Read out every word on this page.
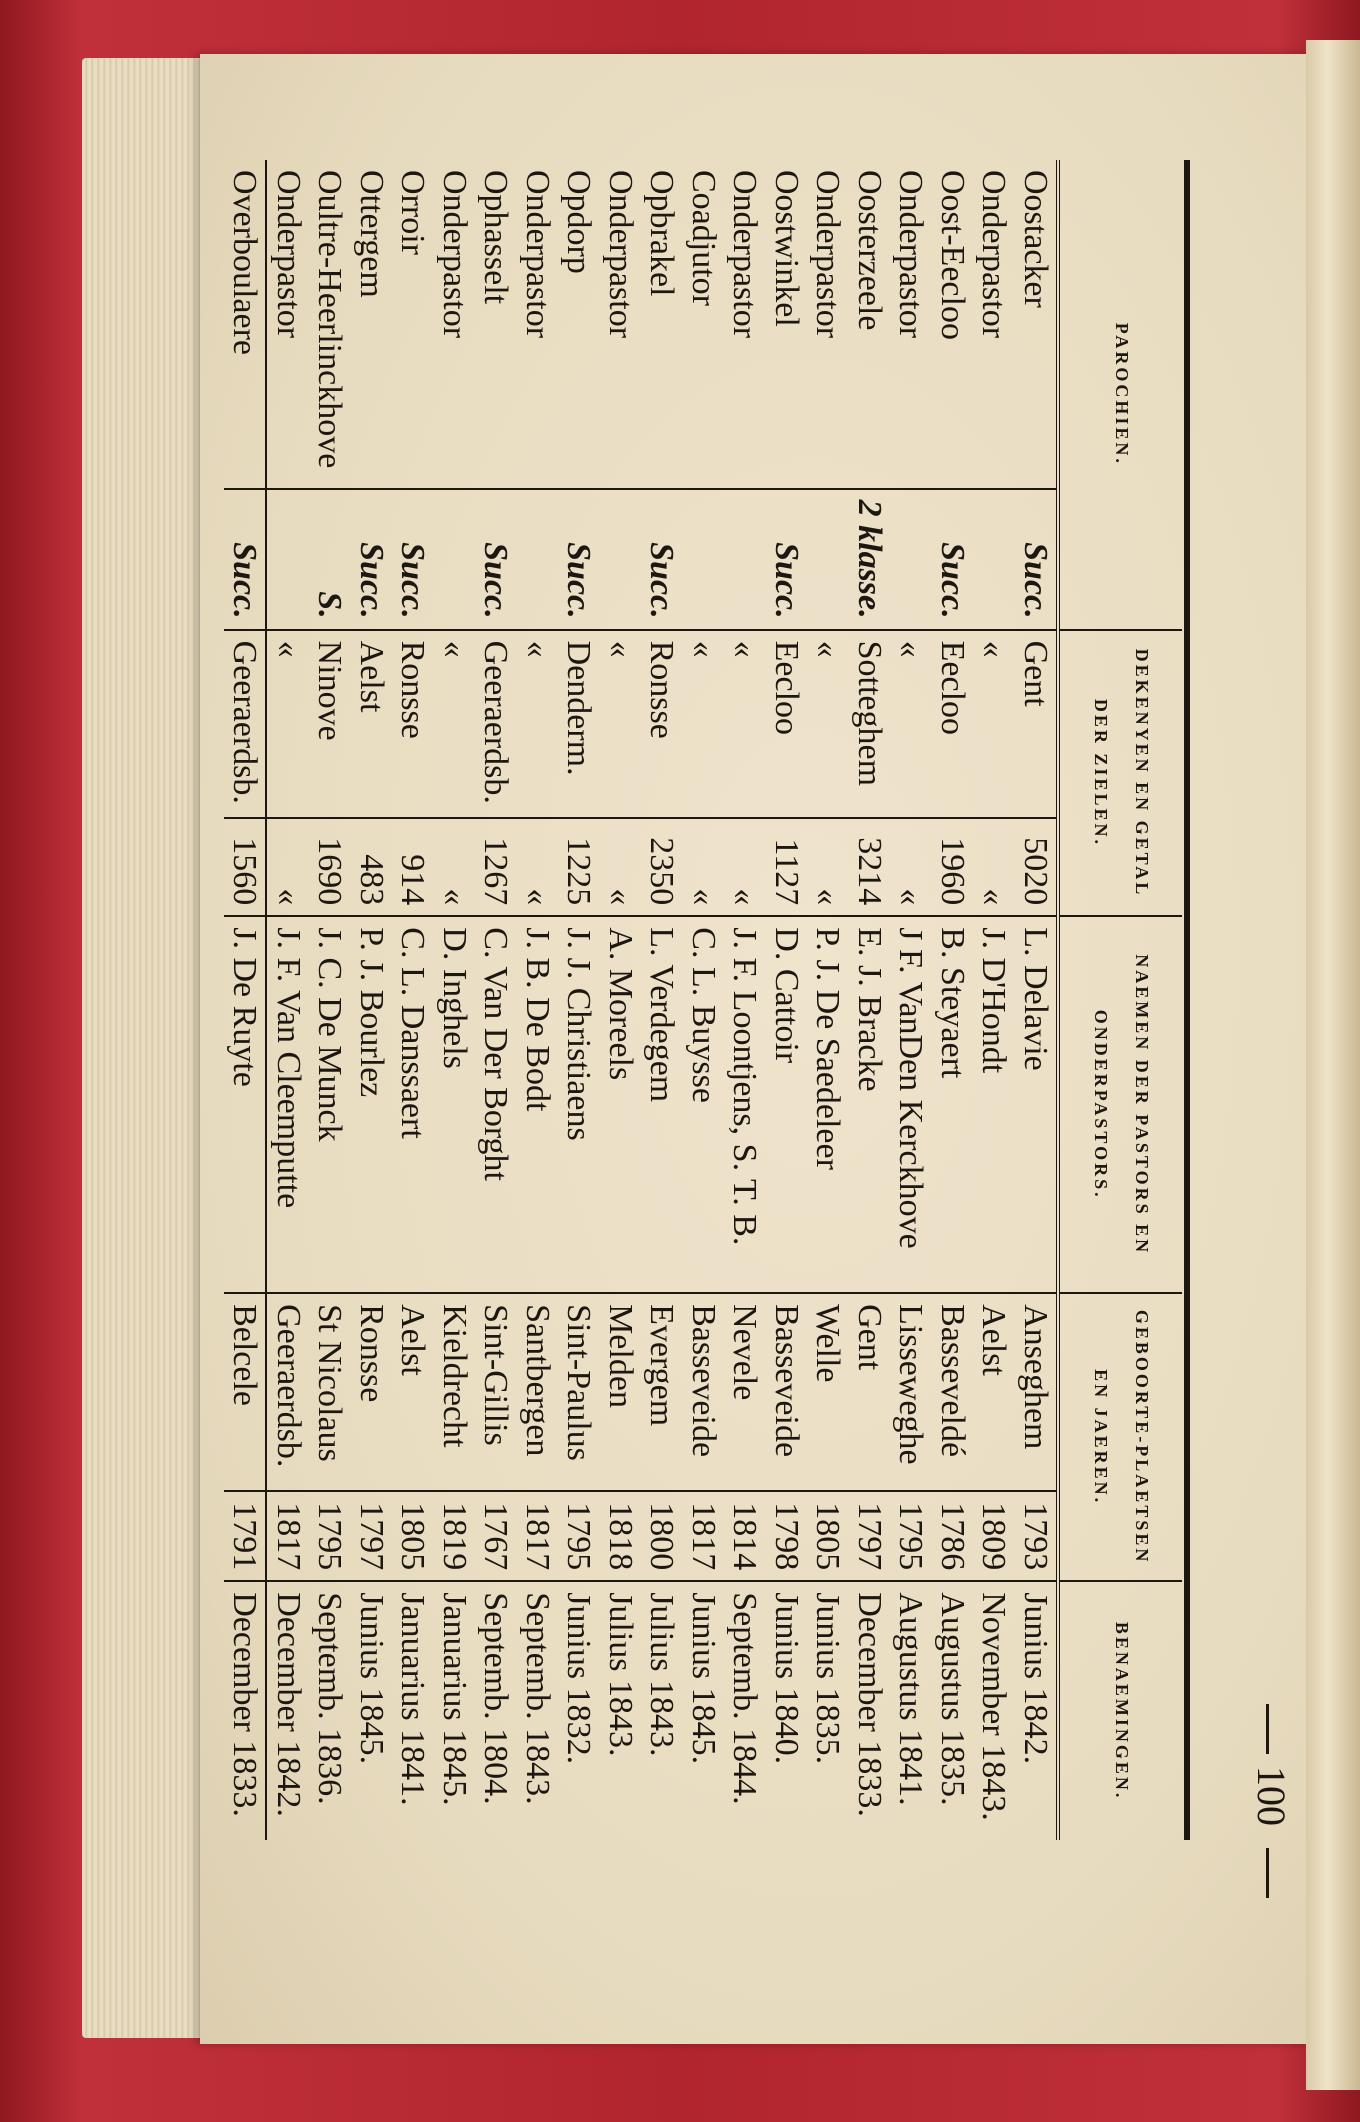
100
PAROCHIEN.		DEKENYEN EN GETAL DER ZIELEN.		NAEMEN DER PASTORS EN ONDERPASTORS.	GEBOORTE-PLAETSEN EN JAEREN.		BENAEMINGEN.
Oostacker	Succ.	Gent	5020	L. Delavie	Anseghem	1793	Junius 1842.
Onderpastor		«	«	J. D'Hondt	Aelst	1809	November 1843.
Oost-Eecloo	Succ.	Eecloo	1960	B. Steyaert	Basseveldé	1786	Augustus 1835.
Onderpastor		«	«	J F. VanDen Kerckhove	Lisseweghe	1795	Augustus 1841.
Oosterzeele	2 klasse.	Sotteghem	3214	E. J. Bracke	Gent	1797	December 1833.
Onderpastor		«	«	P. J. De Saedeleer	Welle	1805	Junius 1835.
Oostwinkel	Succ.	Eecloo	1127	D. Cattoir	Basseveide	1798	Junius 1840.
Onderpastor		«	«	J. F. Loontjens, S. T. B.	Nevele	1814	Septemb. 1844.
Coadjutor		«	«	C. L. Buysse	Basseveide	1817	Junius 1845.
Opbrakel	Succ.	Ronsse	2350	L. Verdegem	Evergem	1800	Julius 1843.
Onderpastor		«	«	A. Moreels	Melden	1818	Julius 1843.
Opdorp	Succ.	Denderm.	1225	J. J. Christiaens	Sint-Paulus	1795	Junius 1832.
Onderpastor		«	«	J. B. De Bodt	Santbergen	1817	Septemb. 1843.
Ophasselt	Succ.	Geeraerdsb.	1267	C. Van Der Borght	Sint-Gillis	1767	Septemb. 1804.
Onderpastor		«	«	D. Inghels	Kieldrecht	1819	Januarius 1845.
Orroir	Succ.	Ronsse	914	C. L. Danssaert	Aelst	1805	Januarius 1841.
Ottergem	Succ.	Aelst	483	P. J. Bourlez	Ronsse	1797	Junius 1845.
Oultre-Heerlinckhove	S.	Ninove	1690	J. C. De Munck	St Nicolaus	1795	Septemb. 1836.
Onderpastor		«	«	J. F. Van Cleemputte	Geeraerdsb.	1817	December 1842.
Overboulaere	Succ.	Geeraerdsb.	1560	J. De Ruyte	Belcele	1791	December 1833.
